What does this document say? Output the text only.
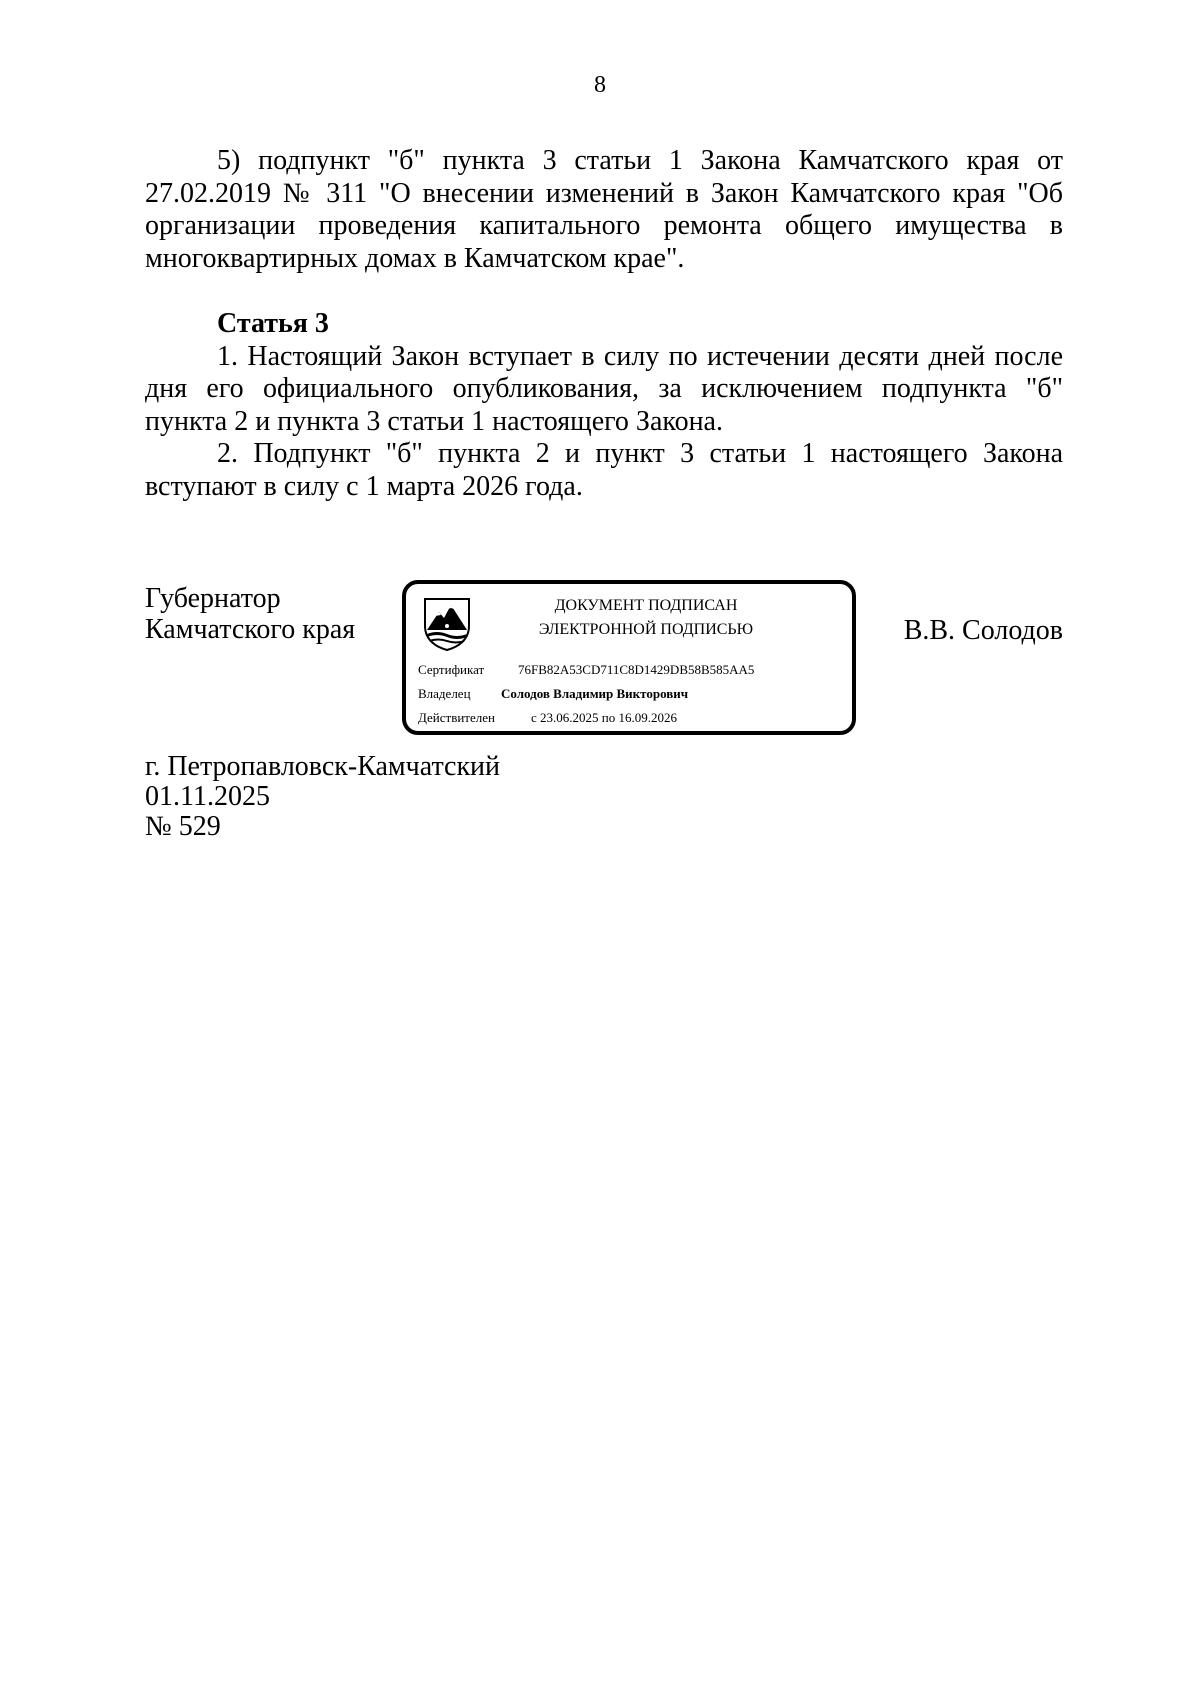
8

5) подпункт "б" пункта 3 статьи 1 Закона Камчатского края от 27.02.2019 № 311 "О внесении изменений в Закон Камчатского края "Об организации проведения капитального ремонта общего имущества в многоквартирных домах в Камчатском крае".

Статья 3

1. Настоящий Закон вступает в силу по истечении десяти дней после дня его официального опубликования, за исключением подпункта "б" пункта 2 и пункта 3 статьи 1 настоящего Закона.

2. Подпункт "б" пункта 2 и пункт 3 статьи 1 настоящего Закона вступают в силу с 1 марта 2026 года.

Губернатор
Камчатского края	В.В. Солодов
ДОКУМЕНТ ПОДПИСАН
ЭЛЕКТРОННОЙ ПОДПИСЬЮ
Сертификат	76FB82A53CD711C8D1429DB58B585AA5
Владелец Солодов Владимир Викторович
Действителен	с 23.06.2025 по 16.09.2026
г. Петропавловск-Камчатский
01.11.2025
№ 529
